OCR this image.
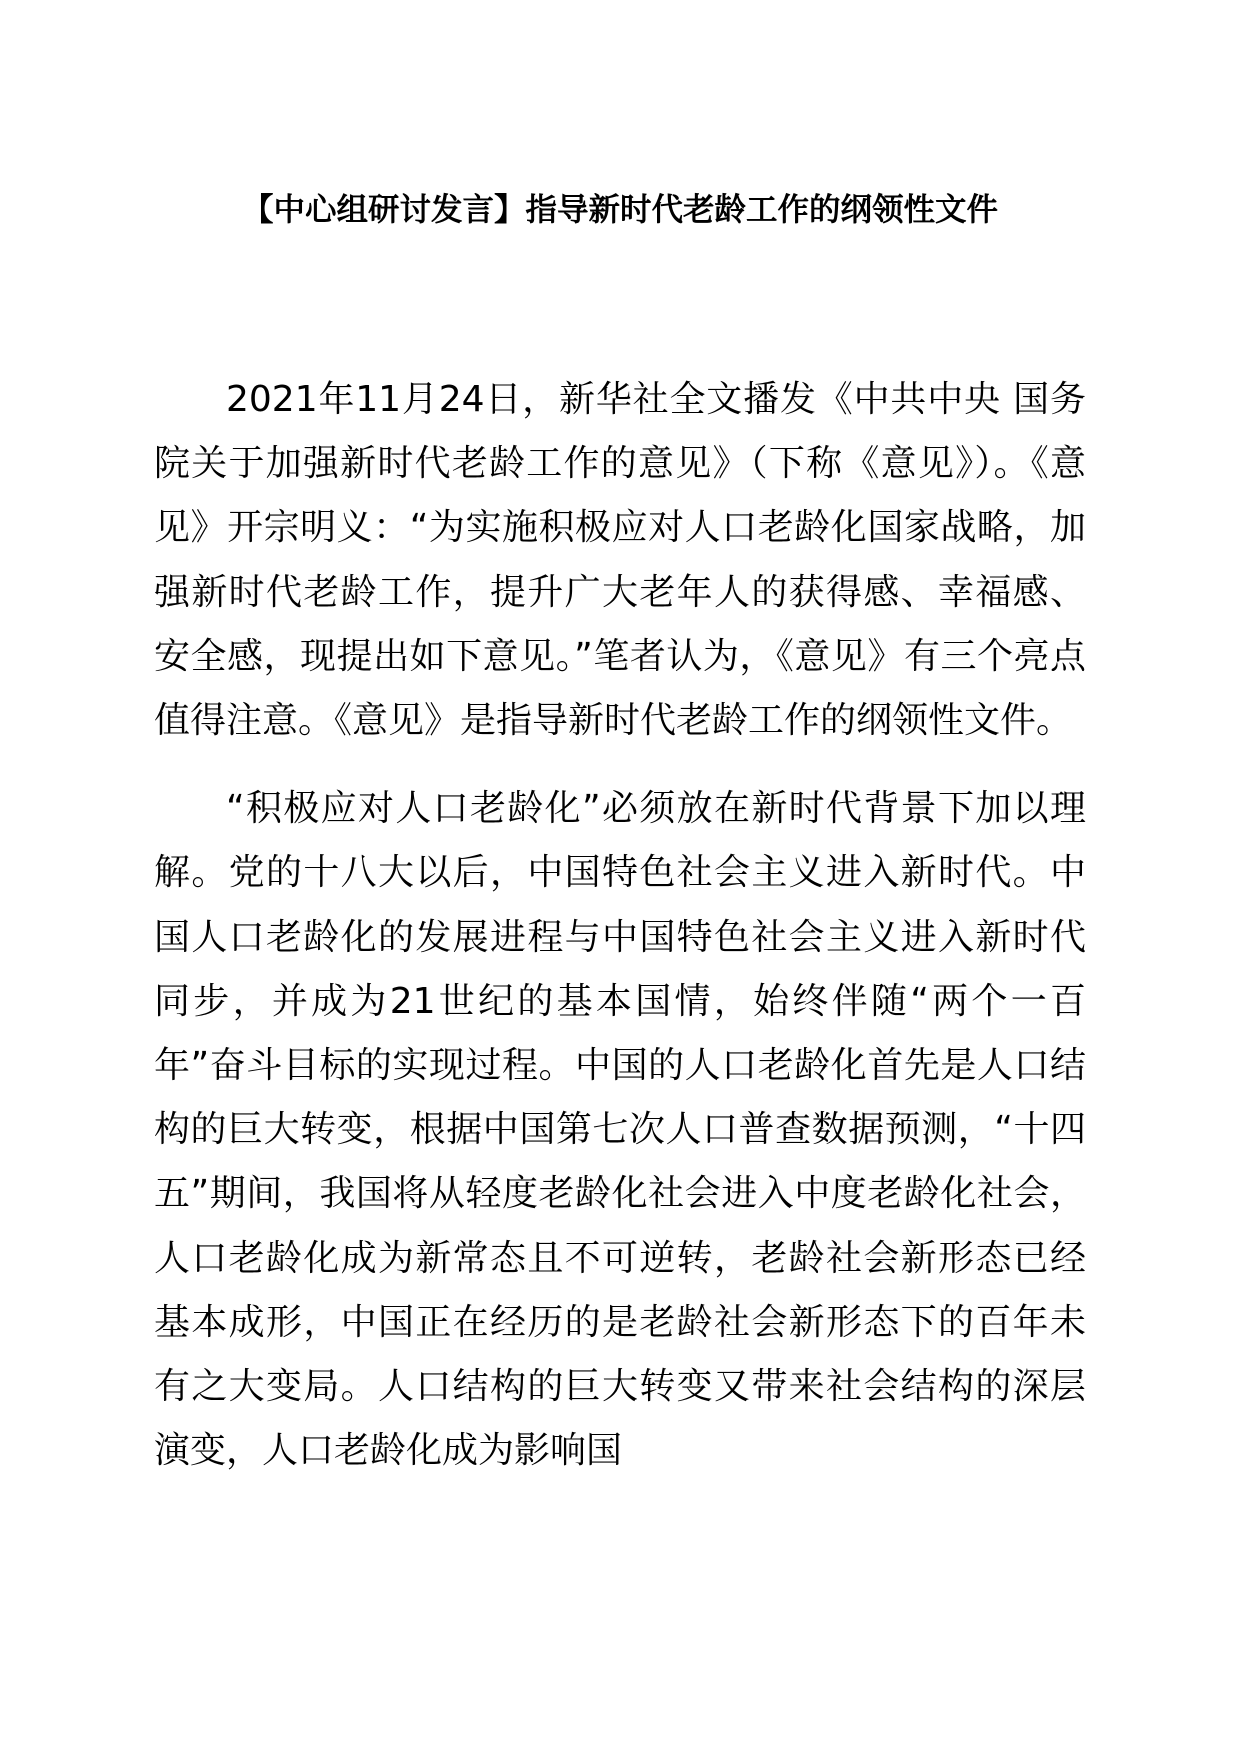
【中心组研讨发言】指导新时代老龄工作的纲领性文件

2021年11月24日，新华社全文播发《中共中央 国务院关于加强新时代老龄工作的意见》（下称《意见》）。《意见》开宗明义：“为实施积极应对人口老龄化国家战略，加强新时代老龄工作，提升广大老年人的获得感、幸福感、安全感，现提出如下意见。”笔者认为，《意见》有三个亮点值得注意。《意见》是指导新时代老龄工作的纲领性文件。

“积极应对人口老龄化”必须放在新时代背景下加以理解。党的十八大以后，中国特色社会主义进入新时代。中国人口老龄化的发展进程与中国特色社会主义进入新时代同步，并成为21世纪的基本国情，始终伴随“两个一百年”奋斗目标的实现过程。中国的人口老龄化首先是人口结构的巨大转变，根据中国第七次人口普查数据预测，“十四五”期间，我国将从轻度老龄化社会进入中度老龄化社会，人口老龄化成为新常态且不可逆转，老龄社会新形态已经基本成形，中国正在经历的是老龄社会新形态下的百年未有之大变局。人口结构的巨大转变又带来社会结构的深层演变，人口老龄化成为影响国
